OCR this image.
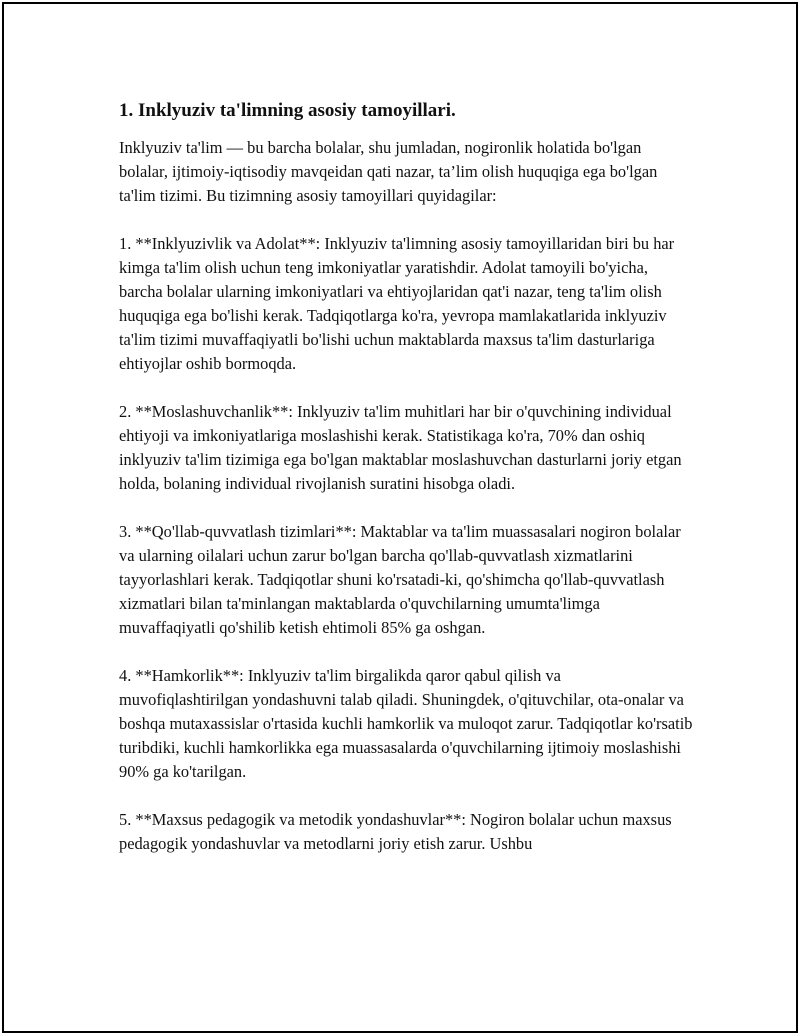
1. Inklyuziv ta'limning asosiy tamoyillari.

Inklyuziv ta'lim — bu barcha bolalar, shu jumladan, nogironlik holatida bo'lgan bolalar, ijtimoiy-iqtisodiy mavqeidan qati nazar, ta’lim olish huquqiga ega bo'lgan ta'lim tizimi. Bu tizimning asosiy tamoyillari quyidagilar:

1. **Inklyuzivlik va Adolat**: Inklyuziv ta'limning asosiy tamoyillaridan biri bu har kimga ta'lim olish uchun teng imkoniyatlar yaratishdir. Adolat tamoyili bo'yicha, barcha bolalar ularning imkoniyatlari va ehtiyojlaridan qat'i nazar, teng ta'lim olish huquqiga ega bo'lishi kerak. Tadqiqotlarga ko'ra, yevropa mamlakatlarida inklyuziv ta'lim tizimi muvaffaqiyatli bo'lishi uchun maktablarda maxsus ta'lim dasturlariga ehtiyojlar oshib bormoqda.

2. **Moslashuvchanlik**: Inklyuziv ta'lim muhitlari har bir o'quvchining individual ehtiyoji va imkoniyatlariga moslashishi kerak. Statistikaga ko'ra, 70% dan oshiq inklyuziv ta'lim tizimiga ega bo'lgan maktablar moslashuvchan dasturlarni joriy etgan holda, bolaning individual rivojlanish suratini hisobga oladi.

3. **Qo'llab-quvvatlash tizimlari**: Maktablar va ta'lim muassasalari nogiron bolalar va ularning oilalari uchun zarur bo'lgan barcha qo'llab-quvvatlash xizmatlarini tayyorlashlari kerak. Tadqiqotlar shuni ko'rsatadi-ki, qo'shimcha qo'llab-quvvatlash xizmatlari bilan ta'minlangan maktablarda o'quvchilarning umumta'limga muvaffaqiyatli qo'shilib ketish ehtimoli 85% ga oshgan.

4. **Hamkorlik**: Inklyuziv ta'lim birgalikda qaror qabul qilish va muvofiqlashtirilgan yondashuvni talab qiladi. Shuningdek, o'qituvchilar, ota-onalar va boshqa mutaxassislar o'rtasida kuchli hamkorlik va muloqot zarur. Tadqiqotlar ko'rsatib turibdiki, kuchli hamkorlikka ega muassasalarda o'quvchilarning ijtimoiy moslashishi 90% ga ko'tarilgan.

5. **Maxsus pedagogik va metodik yondashuvlar**: Nogiron bolalar uchun maxsus pedagogik yondashuvlar va metodlarni joriy etish zarur. Ushbu
